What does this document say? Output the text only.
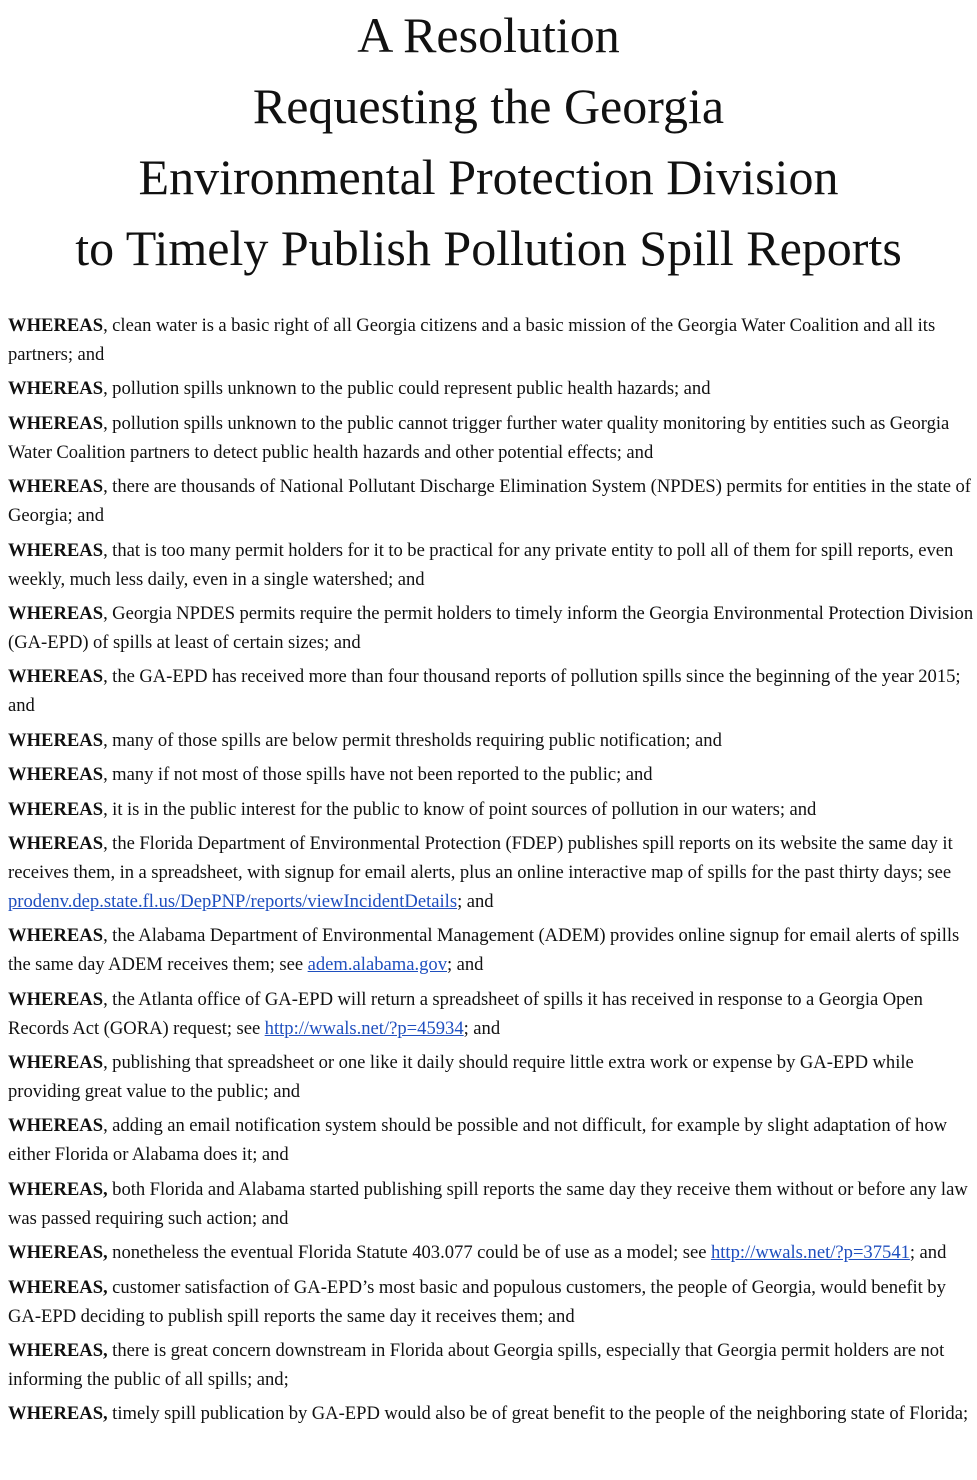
A Resolution
Requesting the Georgia
Environmental Protection Division
to Timely Publish Pollution Spill Reports

WHEREAS, clean water is a basic right of all Georgia citizens and a basic mission of the Georgia Water Coalition and all its partners; and

WHEREAS, pollution spills unknown to the public could represent public health hazards; and

WHEREAS, pollution spills unknown to the public cannot trigger further water quality monitoring by entities such as Georgia Water Coalition partners to detect public health hazards and other potential effects; and

WHEREAS, there are thousands of National Pollutant Discharge Elimination System (NPDES) permits for entities in the state of Georgia; and

WHEREAS, that is too many permit holders for it to be practical for any private entity to poll all of them for spill reports, even weekly, much less daily, even in a single watershed; and

WHEREAS, Georgia NPDES permits require the permit holders to timely inform the Georgia Environmental Protection Division (GA-EPD) of spills at least of certain sizes; and

WHEREAS, the GA-EPD has received more than four thousand reports of pollution spills since the beginning of the year 2015; and

WHEREAS, many of those spills are below permit thresholds requiring public notification; and

WHEREAS, many if not most of those spills have not been reported to the public; and

WHEREAS, it is in the public interest for the public to know of point sources of pollution in our waters; and

WHEREAS, the Florida Department of Environmental Protection (FDEP) publishes spill reports on its website the same day it receives them, in a spreadsheet, with signup for email alerts, plus an online interactive map of spills for the past thirty days; see prodenv.dep.state.fl.us/DepPNP/reports/viewIncidentDetails; and

WHEREAS, the Alabama Department of Environmental Management (ADEM) provides online signup for email alerts of spills the same day ADEM receives them; see adem.alabama.gov; and

WHEREAS, the Atlanta office of GA-EPD will return a spreadsheet of spills it has received in response to a Georgia Open Records Act (GORA) request; see http://wwals.net/?p=45934; and

WHEREAS, publishing that spreadsheet or one like it daily should require little extra work or expense by GA-EPD while providing great value to the public; and

WHEREAS, adding an email notification system should be possible and not difficult, for example by slight adaptation of how either Florida or Alabama does it; and

WHEREAS, both Florida and Alabama started publishing spill reports the same day they receive them without or before any law was passed requiring such action; and

WHEREAS, nonetheless the eventual Florida Statute 403.077 could be of use as a model; see http://wwals.net/?p=37541; and

WHEREAS, customer satisfaction of GA-EPD’s most basic and populous customers, the people of Georgia, would benefit by GA-EPD deciding to publish spill reports the same day it receives them; and

WHEREAS, there is great concern downstream in Florida about Georgia spills, especially that Georgia permit holders are not informing the public of all spills; and;

WHEREAS, timely spill publication by GA-EPD would also be of great benefit to the people of the neighboring state of Florida;
